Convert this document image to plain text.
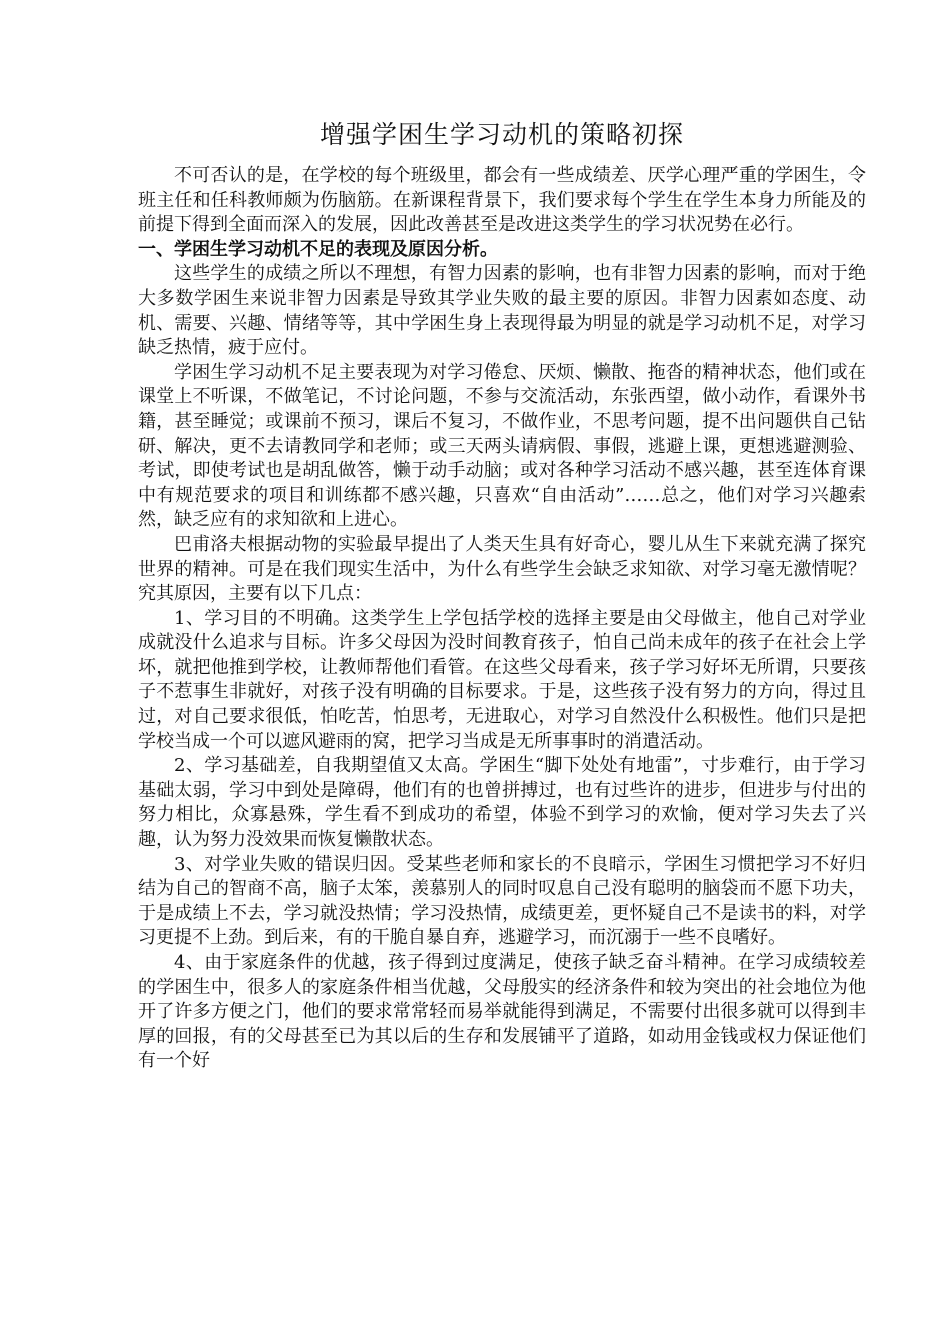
增强学困生学习动机的策略初探

不可否认的是，在学校的每个班级里，都会有一些成绩差、厌学心理严重的学困生，令班主任和任科教师颇为伤脑筋。在新课程背景下，我们要求每个学生在学生本身力所能及的前提下得到全面而深入的发展，因此改善甚至是改进这类学生的学习状况势在必行。

一、学困生学习动机不足的表现及原因分析。

这些学生的成绩之所以不理想，有智力因素的影响，也有非智力因素的影响，而对于绝大多数学困生来说非智力因素是导致其学业失败的最主要的原因。非智力因素如态度、动机、需要、兴趣、情绪等等，其中学困生身上表现得最为明显的就是学习动机不足，对学习缺乏热情，疲于应付。

学困生学习动机不足主要表现为对学习倦怠、厌烦、懒散、拖沓的精神状态，他们或在课堂上不听课，不做笔记，不讨论问题，不参与交流活动，东张西望，做小动作，看课外书籍，甚至睡觉；或课前不预习，课后不复习，不做作业，不思考问题，提不出问题供自己钻研、解决，更不去请教同学和老师；或三天两头请病假、事假，逃避上课，更想逃避测验、考试，即使考试也是胡乱做答，懒于动手动脑；或对各种学习活动不感兴趣，甚至连体育课中有规范要求的项目和训练都不感兴趣，只喜欢“自由活动”……总之，他们对学习兴趣索然，缺乏应有的求知欲和上进心。

巴甫洛夫根据动物的实验最早提出了人类天生具有好奇心，婴儿从生下来就充满了探究世界的精神。可是在我们现实生活中，为什么有些学生会缺乏求知欲、对学习毫无激情呢？究其原因，主要有以下几点：

1、学习目的不明确。这类学生上学包括学校的选择主要是由父母做主，他自己对学业成就没什么追求与目标。许多父母因为没时间教育孩子，怕自己尚未成年的孩子在社会上学坏，就把他推到学校，让教师帮他们看管。在这些父母看来，孩子学习好坏无所谓，只要孩子不惹事生非就好，对孩子没有明确的目标要求。于是，这些孩子没有努力的方向，得过且过，对自己要求很低，怕吃苦，怕思考，无进取心，对学习自然没什么积极性。他们只是把学校当成一个可以遮风避雨的窝，把学习当成是无所事事时的消遣活动。

2、学习基础差，自我期望值又太高。学困生“脚下处处有地雷”，寸步难行，由于学习基础太弱，学习中到处是障碍，他们有的也曾拼搏过，也有过些许的进步，但进步与付出的努力相比，众寡悬殊，学生看不到成功的希望，体验不到学习的欢愉，便对学习失去了兴趣，认为努力没效果而恢复懒散状态。

3、对学业失败的错误归因。受某些老师和家长的不良暗示，学困生习惯把学习不好归结为自己的智商不高，脑子太笨，羡慕别人的同时叹息自己没有聪明的脑袋而不愿下功夫，于是成绩上不去，学习就没热情；学习没热情，成绩更差，更怀疑自己不是读书的料，对学习更提不上劲。到后来，有的干脆自暴自弃，逃避学习，而沉溺于一些不良嗜好。

4、由于家庭条件的优越，孩子得到过度满足，使孩子缺乏奋斗精神。在学习成绩较差的学困生中，很多人的家庭条件相当优越，父母殷实的经济条件和较为突出的社会地位为他开了许多方便之门，他们的要求常常轻而易举就能得到满足，不需要付出很多就可以得到丰厚的回报，有的父母甚至已为其以后的生存和发展铺平了道路，如动用金钱或权力保证他们有一个好
